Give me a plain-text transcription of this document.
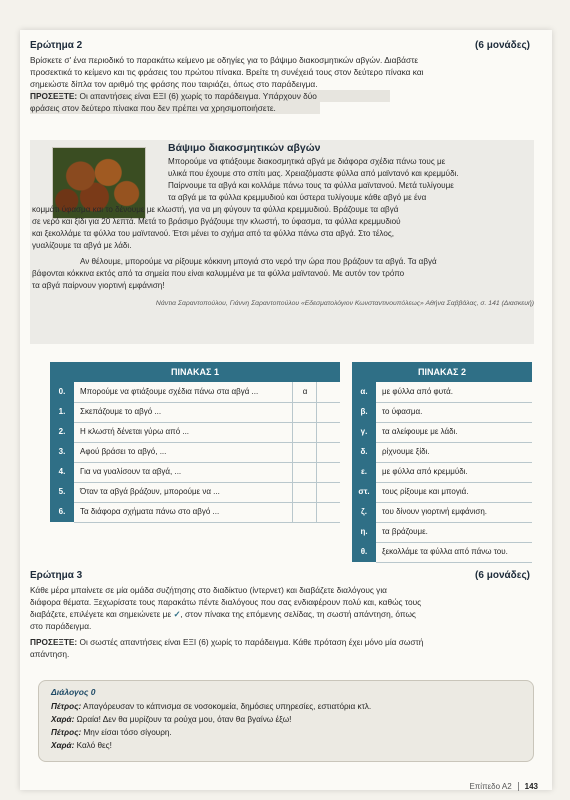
Ερώτημα 2	(6 μονάδες)
Βρίσκετε σ' ένα περιοδικό το παρακάτω κείμενο με οδηγίες για το βάψιμο διακοσμητικών αβγών. Διαβάστε
προσεκτικά το κείμενο και τις φράσεις του πρώτου πίνακα. Βρείτε τη συνέχειά τους στον δεύτερο πίνακα και
σημειώστε δίπλα τον αριθμό της φράσης που ταιριάζει, όπως στο παράδειγμα.
ΠΡΟΣΕΞΤΕ: Οι απαντήσεις είναι ΕΞΙ (6) χωρίς το παράδειγμα. Υπάρχουν δύο
φράσεις στον δεύτερο πίνακα που δεν πρέπει να χρησιμοποιήσετε.
Βάψιμο διακοσμητικών αβγών
Μπορούμε να φτιάξουμε διακοσμητικά αβγά με διάφορα σχέδια πάνω τους με
υλικά που έχουμε στο σπίτι μας. Χρειαζόμαστε φύλλα από μαϊντανό και κρεμμύδι.
Παίρνουμε τα αβγά και κολλάμε πάνω τους τα φύλλα μαϊντανού. Μετά τυλίγουμε
τα αβγά με τα φύλλα κρεμμυδιού και ύστερα τυλίγουμε κάθε αβγό με ένα
κομμάτι ύφασμα και το δένουμε με κλωστή, για να μη φύγουν τα φύλλα κρεμμυδιού. Βράζουμε τα αβγά
σε νερό και ξίδι για 20 λεπτά. Μετά το βράσιμο βγάζουμε την κλωστή, το ύφασμα, τα φύλλα κρεμμυδιού
και ξεκολλάμε τα φύλλα του μαϊντανού. Έτσι μένει το σχήμα από τα φύλλα πάνω στα αβγά. Στο τέλος,
γυαλίζουμε τα αβγά με λάδι.
Αν θέλουμε, μπορούμε να ρίξουμε κόκκινη μπογιά στο νερό την ώρα που βράζουν τα αβγά. Τα αβγά
βάφονται κόκκινα εκτός από τα σημεία που είναι καλυμμένα με τα φύλλα μαϊντανού. Με αυτόν τον τρόπο
τα αβγά παίρνουν γιορτινή εμφάνιση!
Νάντια Σαραντοπούλου, Γιάννη Σαραντοπούλου «Εδεσματολόγιον Κωνσταντινουπόλεως» Αθήνα Σαββάλας, σ. 141 (Διασκευή)
ΠΙΝΑΚΑΣ 1
0.	Μπορούμε να φτιάξουμε σχέδια πάνω στα αβγά ...	α
1.	Σκεπάζουμε το αβγό ...
2.	Η κλωστή δένεται γύρω από ...
3.	Αφού βράσει το αβγό, ...
4.	Για να γυαλίσουν τα αβγά, ...
5.	Όταν τα αβγά βράζουν, μπορούμε να ...
6.	Τα διάφορα σχήματα πάνω στο αβγό ...
ΠΙΝΑΚΑΣ 2
α.	με φύλλα από φυτά.
β.	το ύφασμα.
γ.	τα αλείφουμε με λάδι.
δ.	ρίχνουμε ξίδι.
ε.	με φύλλα από κρεμμύδι.
στ.	τους ρίξουμε και μπογιά.
ζ.	του δίνουν γιορτινή εμφάνιση.
η.	τα βράζουμε.
θ.	ξεκολλάμε τα φύλλα από πάνω του.
Ερώτημα 3	(6 μονάδες)
Κάθε μέρα μπαίνετε σε μία ομάδα συζήτησης στο διαδίκτυο (ίντερνετ) και διαβάζετε διαλόγους για
διάφορα θέματα. Ξεχωρίσατε τους παρακάτω πέντε διαλόγους που σας ενδιαφέρουν πολύ και, καθώς τους
διαβάζετε, επιλέγετε και σημειώνετε με ✓, στον πίνακα της επόμενης σελίδας, τη σωστή απάντηση, όπως
στο παράδειγμα.
ΠΡΟΣΕΞΤΕ: Οι σωστές απαντήσεις είναι ΕΞΙ (6) χωρίς το παράδειγμα. Κάθε πρόταση έχει μόνο μία σωστή
απάντηση.
Διάλογος 0
Πέτρος: Απαγόρευσαν το κάπνισμα σε νοσοκομεία, δημόσιες υπηρεσίες, εστιατόρια κτλ.
Χαρά: Ωραία! Δεν θα μυρίζουν τα ρούχα μου, όταν θα βγαίνω έξω!
Πέτρος: Μην είσαι τόσο σίγουρη.
Χαρά: Καλό θες!
Επίπεδο Α2 143
